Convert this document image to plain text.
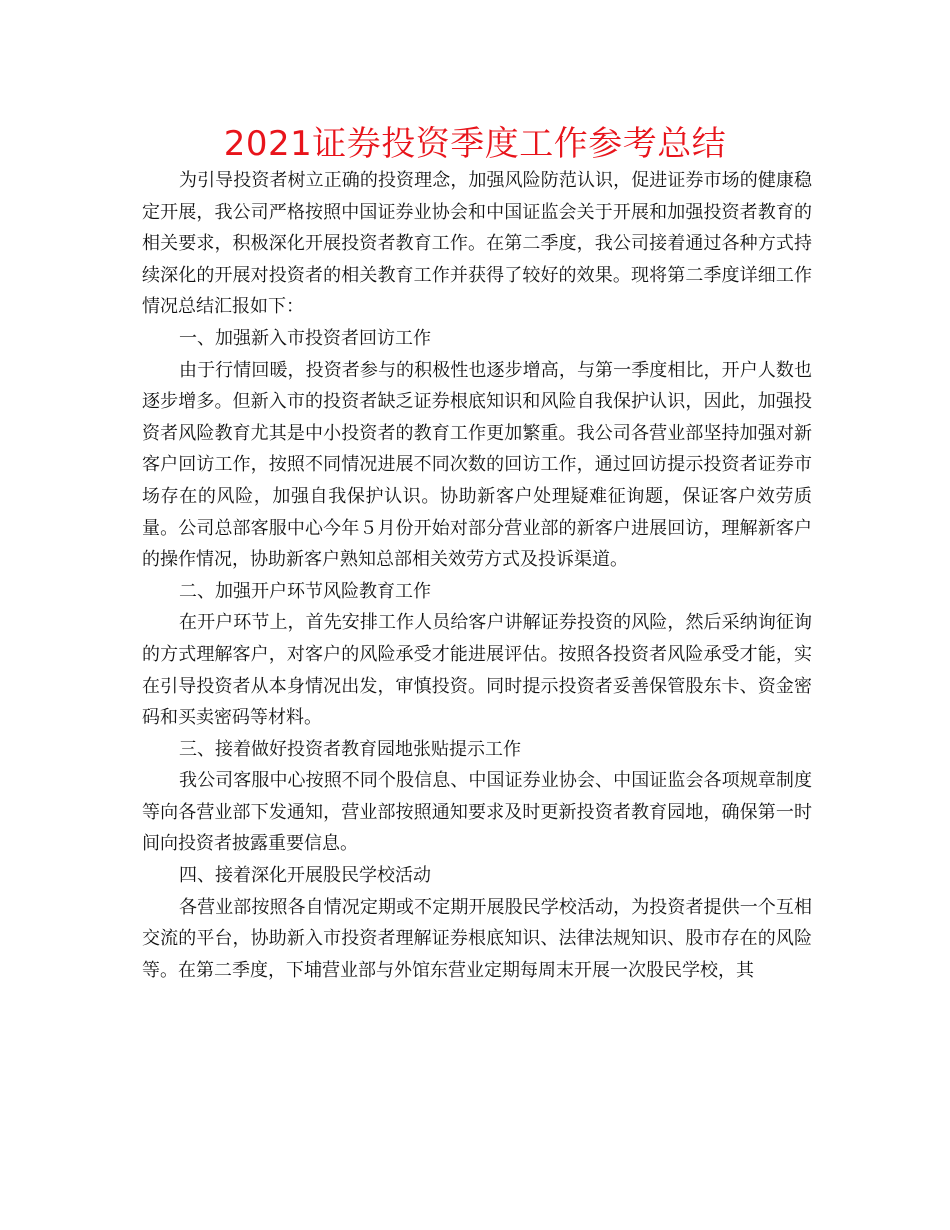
2021证券投资季度工作参考总结

为引导投资者树立正确的投资理念，加强风险防范认识，促进证券市场的健康稳定开展，我公司严格按照中国证券业协会和中国证监会关于开展和加强投资者教育的相关要求，积极深化开展投资者教育工作。在第二季度，我公司接着通过各种方式持续深化的开展对投资者的相关教育工作并获得了较好的效果。现将第二季度详细工作情况总结汇报如下：

一、加强新入市投资者回访工作

由于行情回暖，投资者参与的积极性也逐步增高，与第一季度相比，开户人数也逐步增多。但新入市的投资者缺乏证券根底知识和风险自我保护认识，因此，加强投资者风险教育尤其是中小投资者的教育工作更加繁重。我公司各营业部坚持加强对新客户回访工作，按照不同情况进展不同次数的回访工作，通过回访提示投资者证券市场存在的风险，加强自我保护认识。协助新客户处理疑难征询题，保证客户效劳质量。公司总部客服中心今年５月份开始对部分营业部的新客户进展回访，理解新客户的操作情况，协助新客户熟知总部相关效劳方式及投诉渠道。

二、加强开户环节风险教育工作

在开户环节上，首先安排工作人员给客户讲解证券投资的风险，然后采纳询征询的方式理解客户，对客户的风险承受才能进展评估。按照各投资者风险承受才能，实在引导投资者从本身情况出发，审慎投资。同时提示投资者妥善保管股东卡、资金密码和买卖密码等材料。

三、接着做好投资者教育园地张贴提示工作

我公司客服中心按照不同个股信息、中国证券业协会、中国证监会各项规章制度等向各营业部下发通知，营业部按照通知要求及时更新投资者教育园地，确保第一时间向投资者披露重要信息。

四、接着深化开展股民学校活动

各营业部按照各自情况定期或不定期开展股民学校活动，为投资者提供一个互相交流的平台，协助新入市投资者理解证券根底知识、法律法规知识、股市存在的风险等。在第二季度，下埔营业部与外馆东营业定期每周末开展一次股民学校，其
